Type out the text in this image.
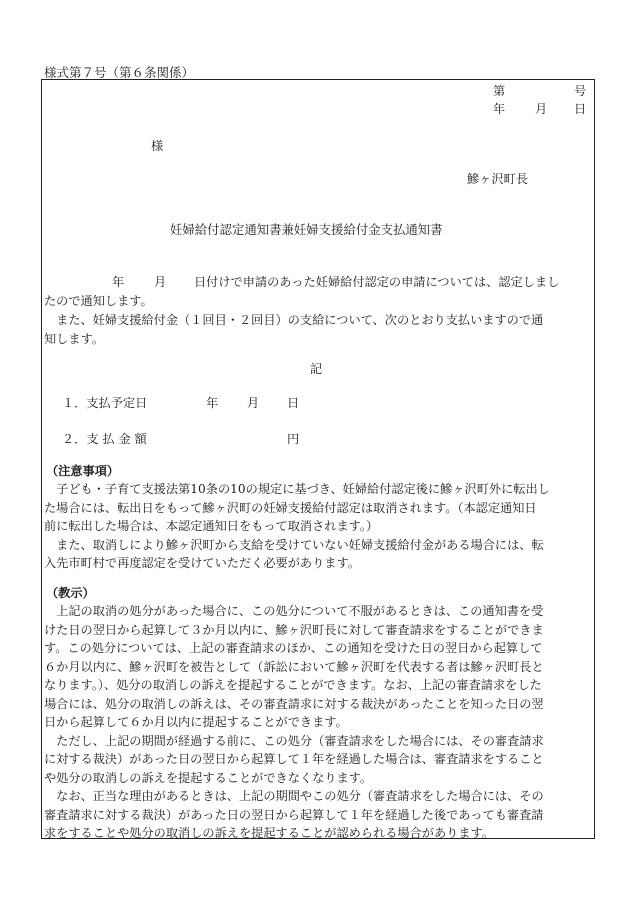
様式第７号（第６条関係）
第	号
年 月 日
様
鰺ヶ沢町長
妊婦給付認定通知書兼妊婦支援給付金支払通知書
年 月 日付けで申請のあった妊婦給付認定の申請については、認定しまし
たので通知します。
　また、妊婦支援給付金（１回目・２回目）の支給について、次のとおり支払いますので通
知します。
記
１．支払予定日	年 月 日
２．支 払 金 額	円
（注意事項）
　子ども・子育て支援法第10条の10の規定に基づき、妊婦給付認定後に鰺ヶ沢町外に転出し
た場合には、転出日をもって鰺ヶ沢町の妊婦支援給付認定は取消されます。（本認定通知日
前に転出した場合は、本認定通知日をもって取消されます。）
　また、取消しにより鰺ヶ沢町から支給を受けていない妊婦支援給付金がある場合には、転
入先市町村で再度認定を受けていただく必要があります。
（教示）
　上記の取消の処分があった場合に、この処分について不服があるときは、この通知書を受
けた日の翌日から起算して３か月以内に、鰺ヶ沢町長に対して審査請求をすることができま
す。この処分については、上記の審査請求のほか、この通知を受けた日の翌日から起算して
６か月以内に、鰺ヶ沢町を被告として（訴訟において鰺ヶ沢町を代表する者は鰺ヶ沢町長と
なります。）、処分の取消しの訴えを提起することができます。なお、上記の審査請求をした
場合には、処分の取消しの訴えは、その審査請求に対する裁決があったことを知った日の翌
日から起算して６か月以内に提起することができます。
　ただし、上記の期間が経過する前に、この処分（審査請求をした場合には、その審査請求
に対する裁決）があった日の翌日から起算して１年を経過した場合は、審査請求をすること
や処分の取消しの訴えを提起することができなくなります。
　なお、正当な理由があるときは、上記の期間やこの処分（審査請求をした場合には、その
審査請求に対する裁決）があった日の翌日から起算して１年を経過した後であっても審査請
求をすることや処分の取消しの訴えを提起することが認められる場合があります。
